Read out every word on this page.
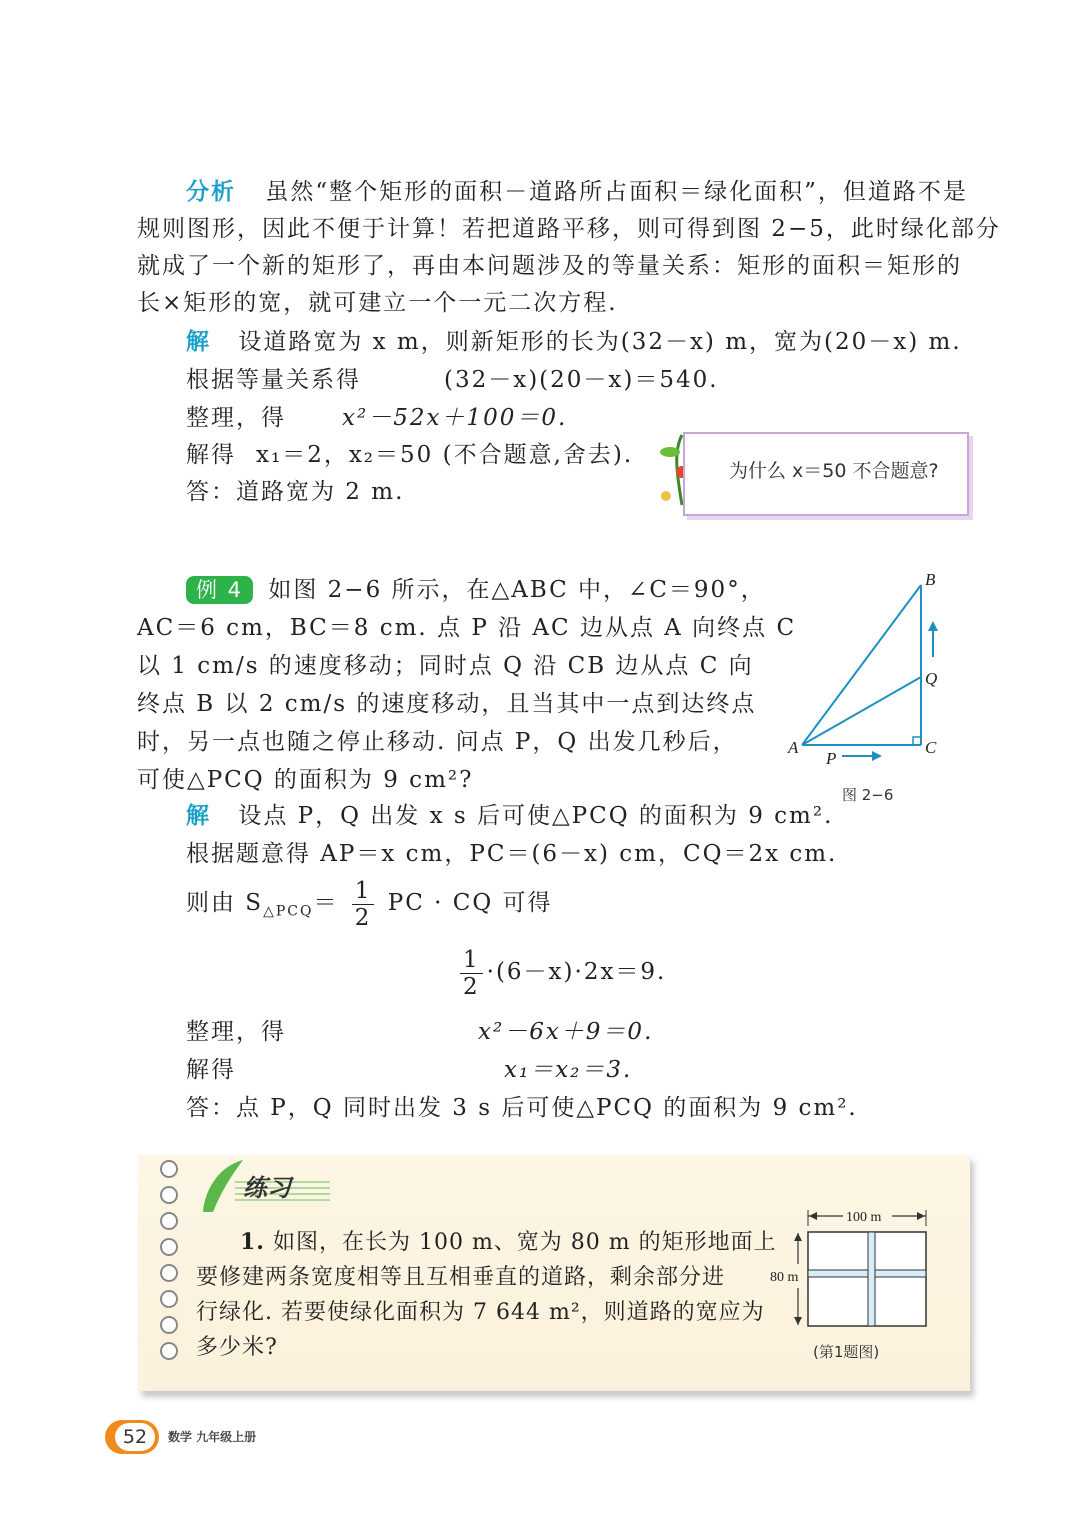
分析 虽然“整个矩形的面积－道路所占面积＝绿化面积”，但道路不是
规则图形，因此不便于计算！若把道路平移，则可得到图 2−5，此时绿化部分
就成了一个新的矩形了，再由本问题涉及的等量关系：矩形的面积＝矩形的
长×矩形的宽，就可建立一个一元二次方程.
解 设道路宽为 x m，则新矩形的长为(32－x) m，宽为(20－x) m.
根据等量关系得	(32－x)(20－x)＝540.
整理，得 x²－52x＋100＝0.
解得 x₁＝2，x₂＝50 (不合题意,舍去).
答：道路宽为 2 m.
为什么 x＝50 不合题意?
例 4 如图 2−6 所示，在△ABC 中，∠C＝90°，
AC＝6 cm，BC＝8 cm. 点 P 沿 AC 边从点 A 向终点 C
以 1 cm/s 的速度移动；同时点 Q 沿 CB 边从点 C 向
终点 B 以 2 cm/s 的速度移动，且当其中一点到达终点
时，另一点也随之停止移动. 问点 P，Q 出发几秒后，
可使△PCQ 的面积为 9 cm²?
B
Q
C
A
P
图 2−6
解 设点 P，Q 出发 x s 后可使△PCQ 的面积为 9 cm².
根据题意得 AP＝x cm，PC＝(6－x) cm，CQ＝2x cm.
则由 $S_{\triangle PCQ}= \frac{1}{2}$ PC · CQ 可得
$\frac{1}{2} \cdot(6-x)\cdot 2x=9$.
整理，得	x²－6x＋9＝0.
解得	x₁＝x₂＝3.
答：点 P，Q 同时出发 3 s 后可使△PCQ 的面积为 9 cm².
练习
1. 如图，在长为 100 m、宽为 80 m 的矩形地面上
要修建两条宽度相等且互相垂直的道路，剩余部分进
行绿化. 若要使绿化面积为 7 644 m²，则道路的宽应为
多少米?
100 m
80 m
(第1题图)
52	数学 九年级上册
